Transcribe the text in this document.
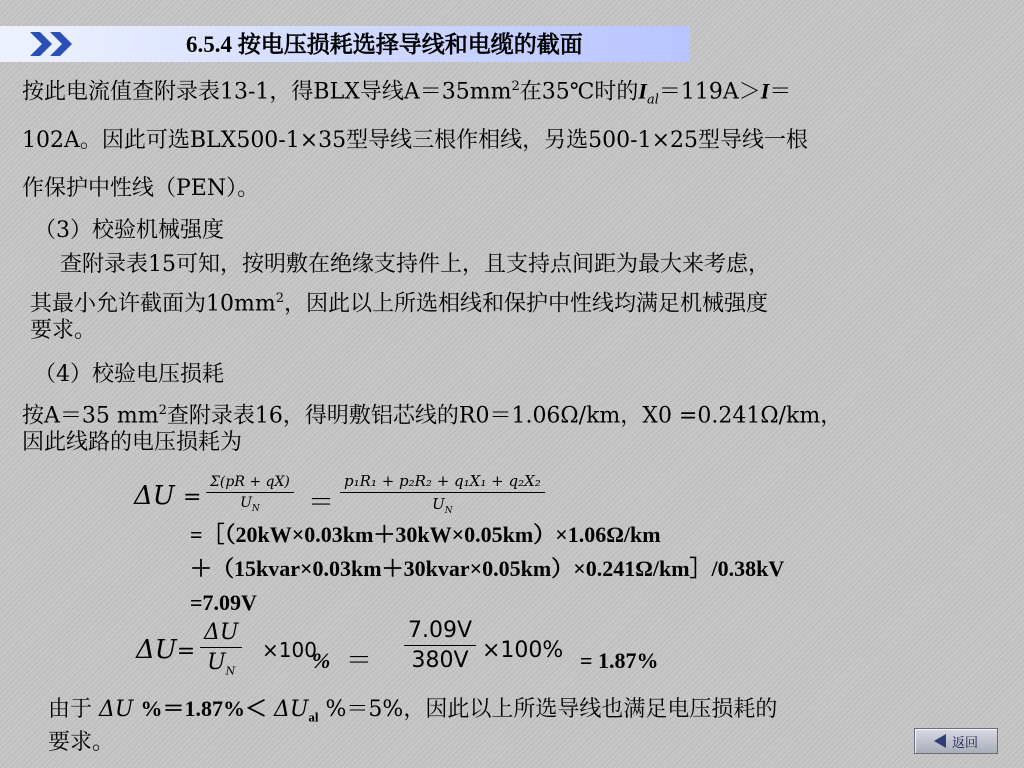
6.5.4 按电压损耗选择导线和电缆的截面
按此电流值查附录表13-1，得BLX导线$A=35mm^2$在35℃时的$I_{al}=119A>I=$
102A。因此可选BLX500-1×35型导线三根作相线，另选500-1×25型导线一根
作保护中性线（PEN）。
（3）校验机械强度
查附录表15可知，按明敷在绝缘支持件上，且支持点间距为最大来考虑，
其最小允许截面为$10mm^2$，因此以上所选相线和保护中性线均满足机械强度
要求。
（4）校验电压损耗
按A＝35 $mm^2$查附录表16，得明敷铝芯线的R0＝1.06Ω/km，X0 =0.241Ω/km，
因此线路的电压损耗为
$\Delta U = \frac{\Sigma(pR + qX)}{U_N} = \frac{\text{p₁R₁ + p₂R₂ + q₁X₁ + q₂X₂}}{U_N}$
=［（20kW×0.03km＋30kW×0.05km）×1.06Ω/km
＋（15kvar×0.03km＋30kvar×0.05km）×0.241Ω/km］/0.38kV
=7.09V
$\Delta U= \frac{\Delta U}{U_N} \times 100$
% ＝ $\frac{7.09V}{380V} \times 100\% = 1.87\%$
由于 ΔU $\%=1.87\%< \Delta U_{al}$ %＝5%，因此以上所选导线也满足电压损耗的
要求。	返回
